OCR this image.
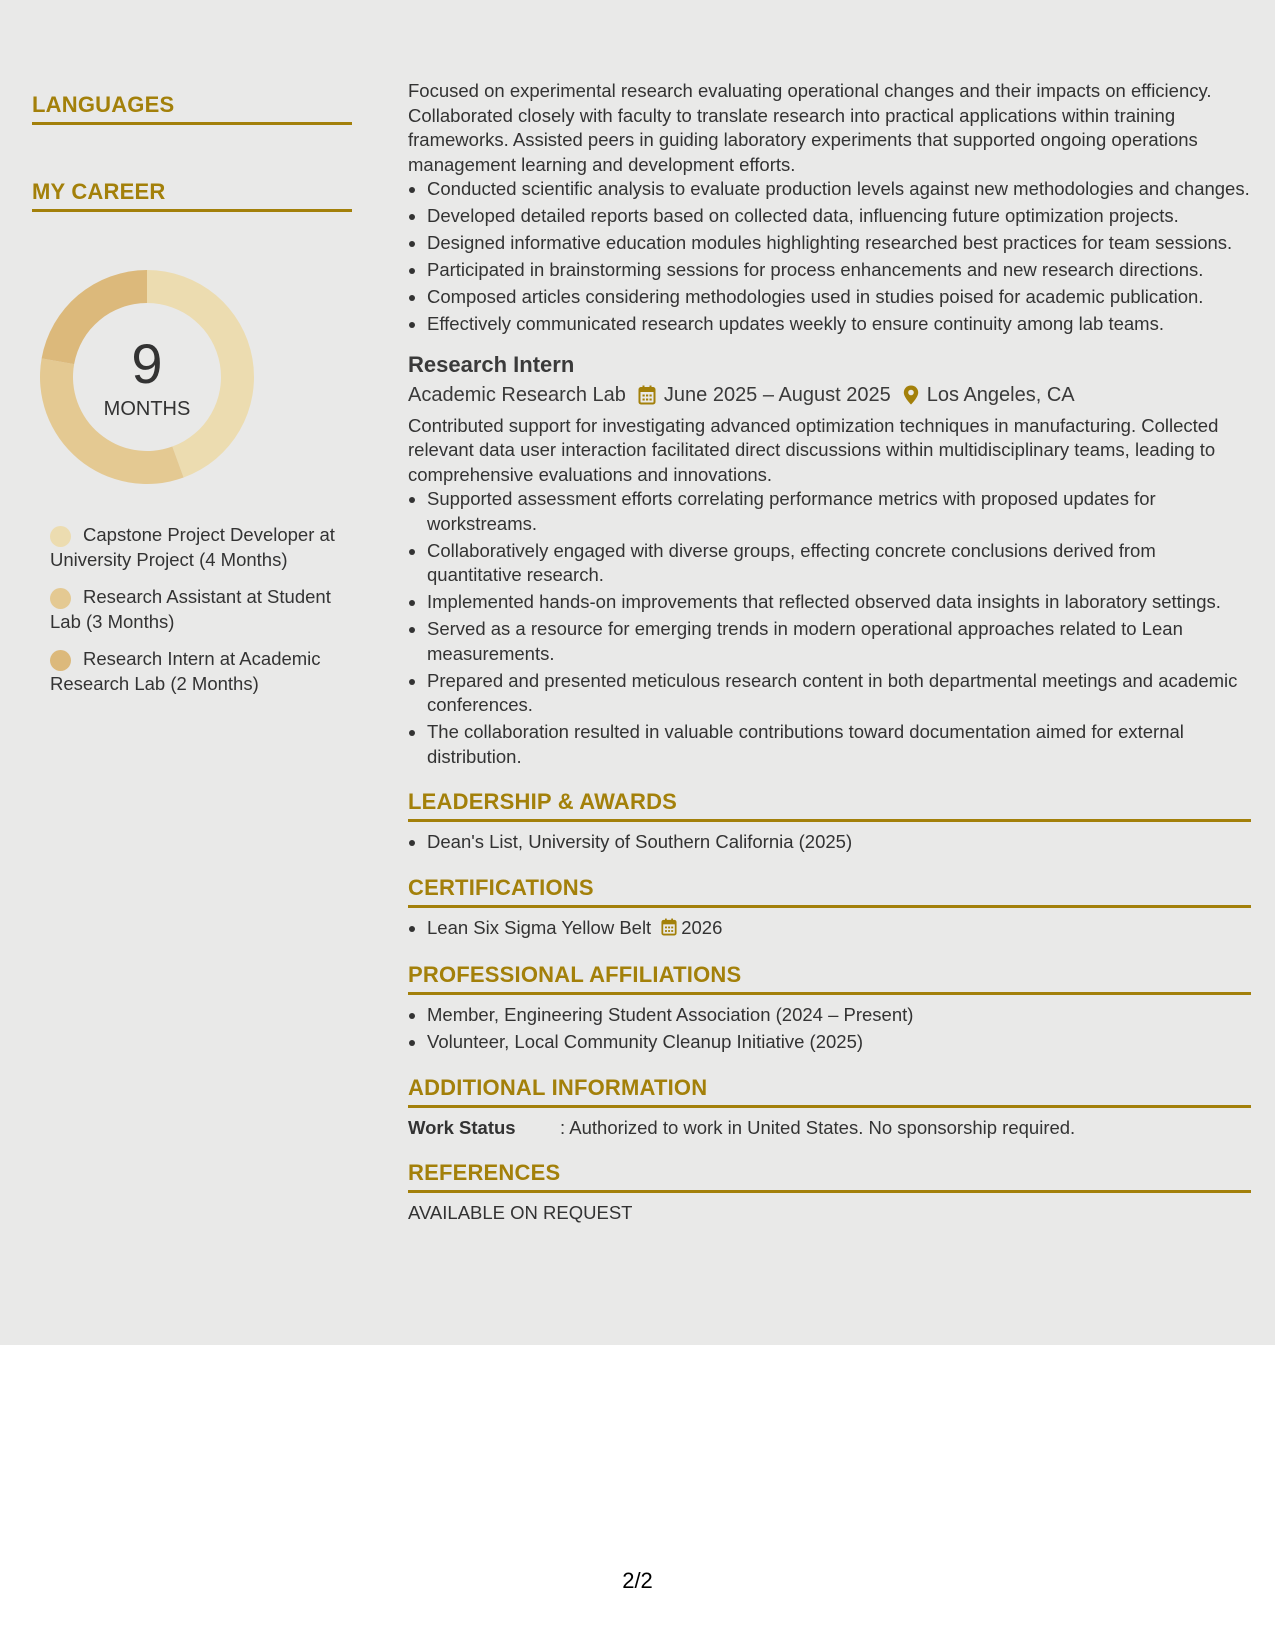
LANGUAGES
MY CAREER
9
MONTHS
Capstone Project Developer at University Project (4 Months)
Research Assistant at Student Lab (3 Months)
Research Intern at Academic Research Lab (2 Months)

Focused on experimental research evaluating operational changes and their impacts on efficiency. Collaborated closely with faculty to translate research into practical applications within training frameworks. Assisted peers in guiding laboratory experiments that supported ongoing operations management learning and development efforts.

• Conducted scientific analysis to evaluate production levels against new methodologies and changes.
• Developed detailed reports based on collected data, influencing future optimization projects.
• Designed informative education modules highlighting researched best practices for team sessions.
• Participated in brainstorming sessions for process enhancements and new research directions.
• Composed articles considering methodologies used in studies poised for academic publication.
• Effectively communicated research updates weekly to ensure continuity among lab teams.
Research Intern
Academic Research Lab June 2025 – August 2025 Los Angeles, CA

Contributed support for investigating advanced optimization techniques in manufacturing. Collected relevant data user interaction facilitated direct discussions within multidisciplinary teams, leading to comprehensive evaluations and innovations.

• Supported assessment efforts correlating performance metrics with proposed updates for workstreams.
• Collaboratively engaged with diverse groups, effecting concrete conclusions derived from quantitative research.
• Implemented hands-on improvements that reflected observed data insights in laboratory settings.
• Served as a resource for emerging trends in modern operational approaches related to Lean measurements.
• Prepared and presented meticulous research content in both departmental meetings and academic conferences.
• The collaboration resulted in valuable contributions toward documentation aimed for external distribution.
LEADERSHIP & AWARDS
• Dean's List, University of Southern California (2025)
CERTIFICATIONS
• Lean Six Sigma Yellow Belt 2026
PROFESSIONAL AFFILIATIONS
• Member, Engineering Student Association (2024 – Present)
• Volunteer, Local Community Cleanup Initiative (2025)
ADDITIONAL INFORMATION
Work Status	: Authorized to work in United States. No sponsorship required.
REFERENCES

AVAILABLE ON REQUEST

2/2
